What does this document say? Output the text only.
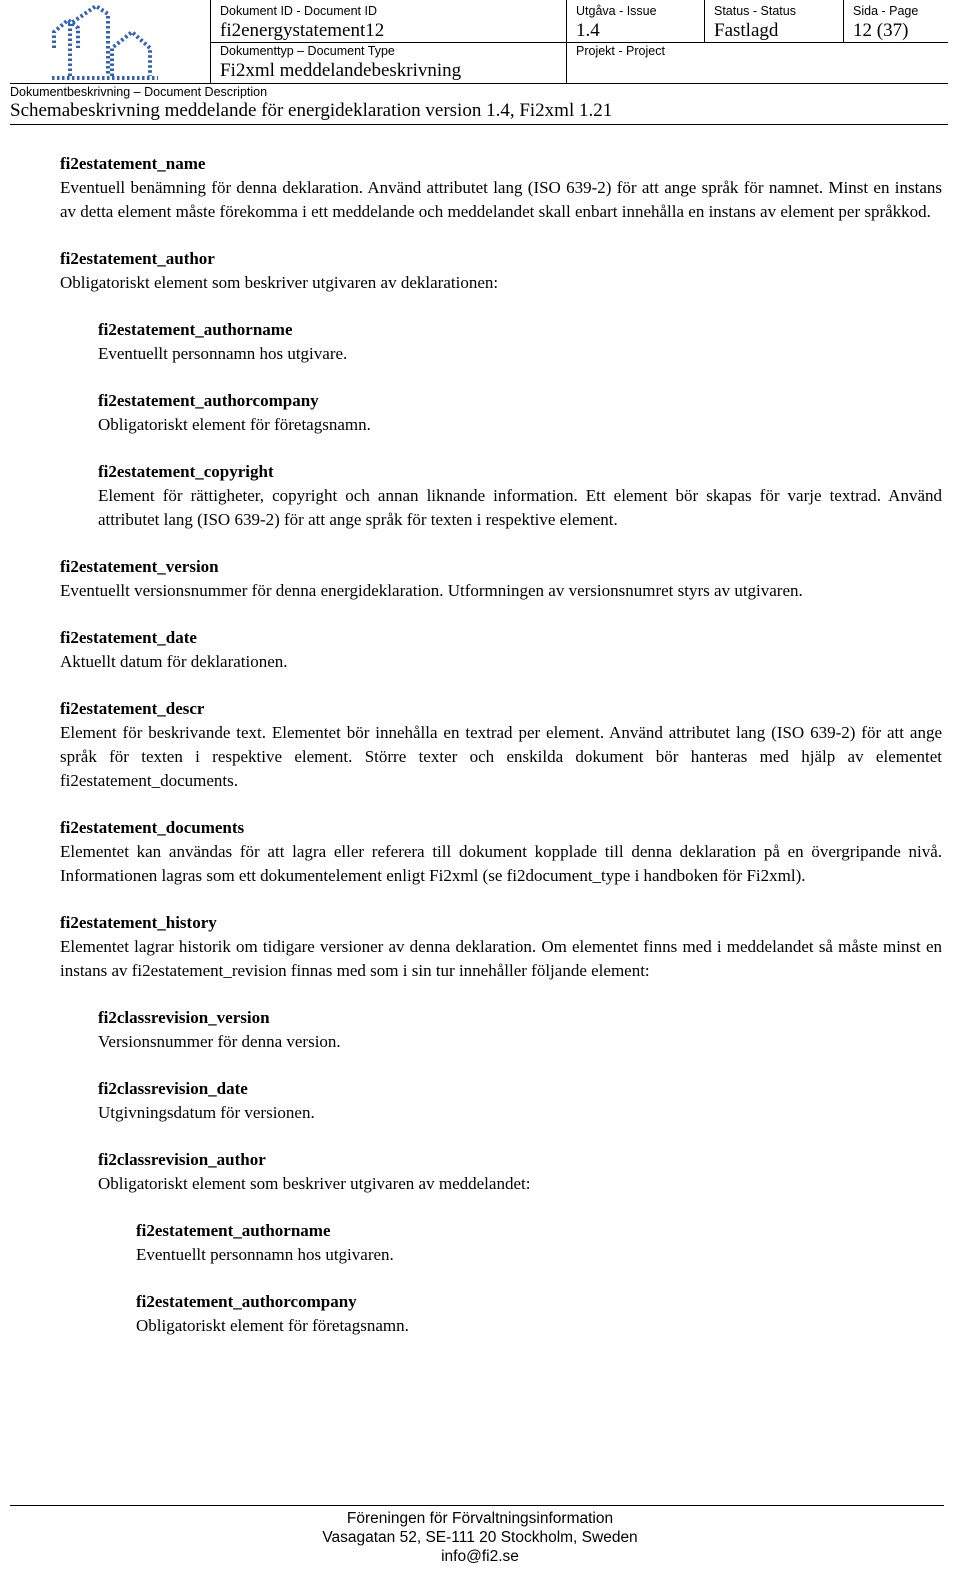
Dokument ID - Document ID	Utgåva - Issue	Status - Status	Sida - Page
fi2energystatement12	1.4	Fastlagd	12 (37)
Dokumenttyp – Document Type	Projekt - Project
Fi2xml meddelandebeskrivning
Dokumentbeskrivning – Document Description
Schemabeskrivning meddelande för energideklaration version 1.4, Fi2xml 1.21
fi2estatement_name
Eventuell benämning för denna deklaration. Använd attributet lang (ISO 639-2) för att ange språk för namnet. Minst en instans av detta element måste förekomma i ett meddelande och meddelandet skall enbart innehålla en instans av element per språkkod.
fi2estatement_author
Obligatoriskt element som beskriver utgivaren av deklarationen:
fi2estatement_authorname
Eventuellt personnamn hos utgivare.
fi2estatement_authorcompany
Obligatoriskt element för företagsnamn.
fi2estatement_copyright
Element för rättigheter, copyright och annan liknande information. Ett element bör skapas för varje textrad. Använd attributet lang (ISO 639-2) för att ange språk för texten i respektive element.
fi2estatement_version
Eventuellt versionsnummer för denna energideklaration. Utformningen av versionsnumret styrs av utgivaren.
fi2estatement_date
Aktuellt datum för deklarationen.
fi2estatement_descr
Element för beskrivande text. Elementet bör innehålla en textrad per element. Använd attributet lang (ISO 639-2) för att ange språk för texten i respektive element. Större texter och enskilda dokument bör hanteras med hjälp av elementet fi2estatement_documents.
fi2estatement_documents
Elementet kan användas för att lagra eller referera till dokument kopplade till denna deklaration på en övergripande nivå. Informationen lagras som ett dokumentelement enligt Fi2xml (se fi2document_type i handboken för Fi2xml).
fi2estatement_history
Elementet lagrar historik om tidigare versioner av denna deklaration. Om elementet finns med i meddelandet så måste minst en instans av fi2estatement_revision finnas med som i sin tur innehåller följande element:
fi2classrevision_version
Versionsnummer för denna version.
fi2classrevision_date
Utgivningsdatum för versionen.
fi2classrevision_author
Obligatoriskt element som beskriver utgivaren av meddelandet:
fi2estatement_authorname
Eventuellt personnamn hos utgivaren.
fi2estatement_authorcompany
Obligatoriskt element för företagsnamn.
Föreningen för Förvaltningsinformation
Vasagatan 52, SE-111 20 Stockholm, Sweden
info@fi2.se
